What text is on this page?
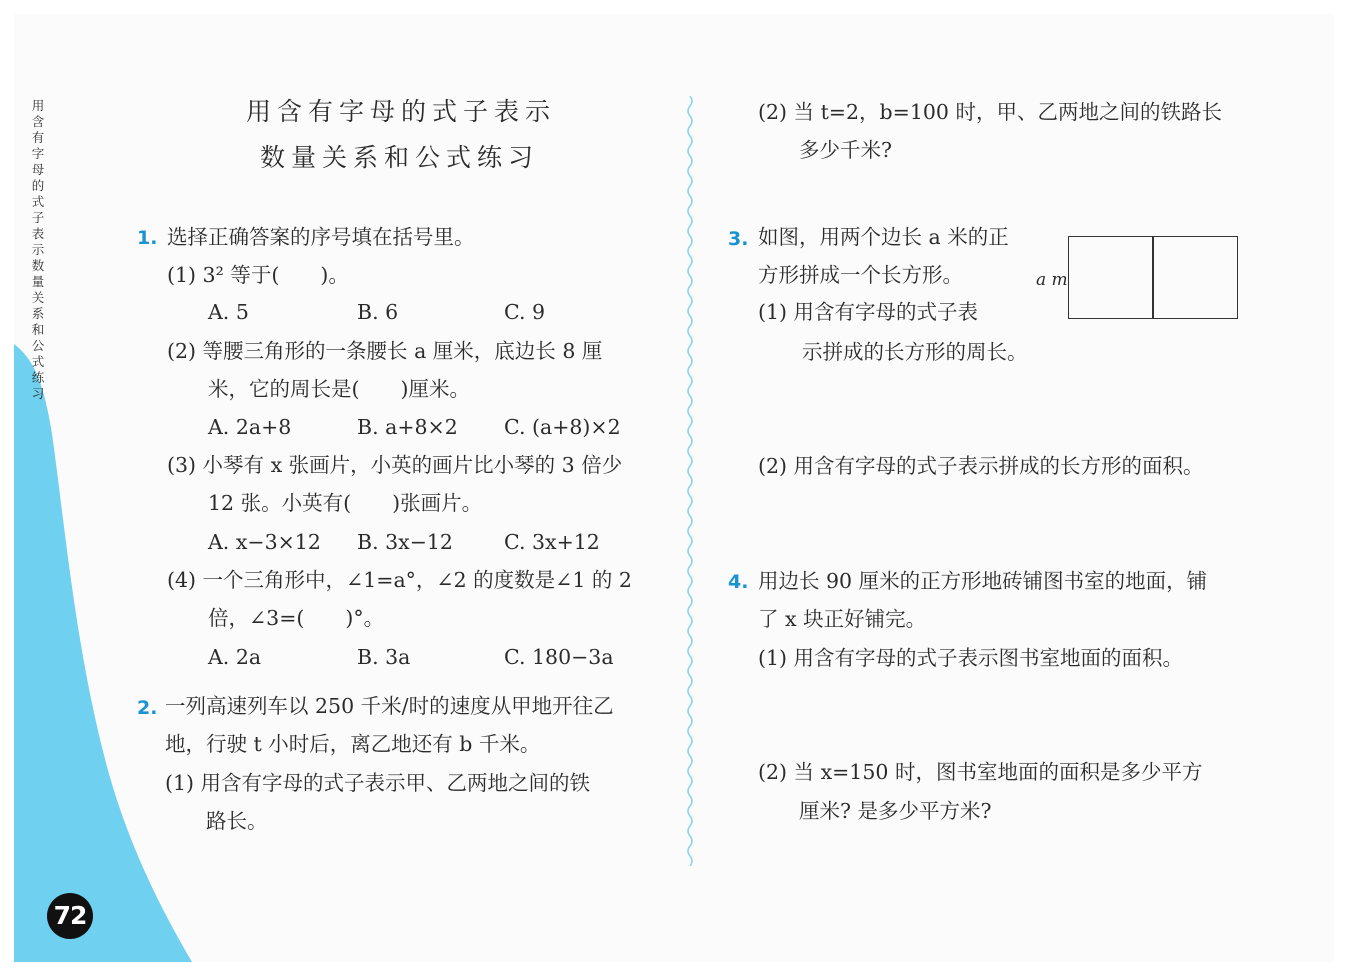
用含有字母的式子表示数量关系和公式练习
72
用含有字母的式子表示
数量关系和公式练习
1. 选择正确答案的序号填在括号里。
(1) 3² 等于(　　)。
A. 5	B. 6	C. 9
(2) 等腰三角形的一条腰长 a 厘米，底边长 8 厘
米，它的周长是(　　)厘米。
A. 2a+8	B. a+8×2 C. (a+8)×2
(3) 小琴有 x 张画片，小英的画片比小琴的 3 倍少
12 张。小英有(　　)张画片。
A. x−3×12 B. 3x−12 C. 3x+12
(4) 一个三角形中，∠1=a°，∠2 的度数是∠1 的 2
倍，∠3=(　　)°。
A. 2a	B. 3a	C. 180−3a
2. 一列高速列车以 250 千米/时的速度从甲地开往乙
地，行驶 t 小时后，离乙地还有 b 千米。
(1) 用含有字母的式子表示甲、乙两地之间的铁
路长。
(2) 当 t=2，b=100 时，甲、乙两地之间的铁路长
多少千米?
3. 如图，用两个边长 a 米的正
方形拼成一个长方形。
(1) 用含有字母的式子表
示拼成的长方形的周长。
(2) 用含有字母的式子表示拼成的长方形的面积。
a m
4. 用边长 90 厘米的正方形地砖铺图书室的地面，铺
了 x 块正好铺完。
(1) 用含有字母的式子表示图书室地面的面积。
(2) 当 x=150 时，图书室地面的面积是多少平方
厘米? 是多少平方米?
